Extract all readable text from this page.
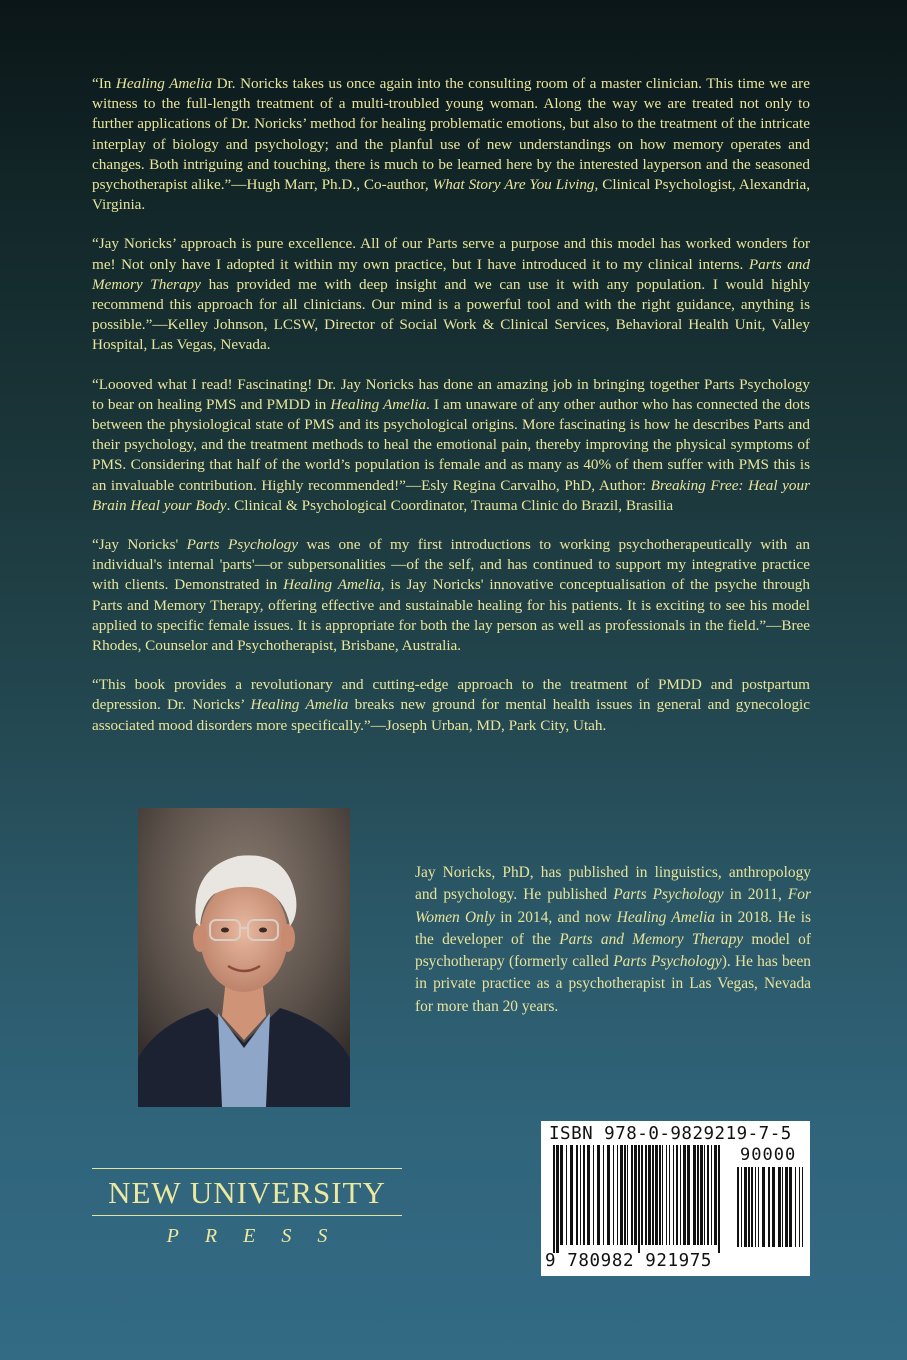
“In Healing Amelia Dr. Noricks takes us once again into the consulting room of a master clinician. This time we are witness to the full-length treatment of a multi-troubled young woman. Along the way we are treated not only to further applications of Dr. Noricks’ method for healing problematic emotions, but also to the treatment of the intricate interplay of biology and psychology; and the planful use of new understandings on how memory operates and changes. Both intriguing and touching, there is much to be learned here by the interested layperson and the seasoned psychotherapist alike.”—Hugh Marr, Ph.D., Co-author, What Story Are You Living, Clinical Psychologist, Alexandria, Virginia.

“Jay Noricks’ approach is pure excellence. All of our Parts serve a purpose and this model has worked wonders for me! Not only have I adopted it within my own practice, but I have introduced it to my clinical interns. Parts and Memory Therapy has provided me with deep insight and we can use it with any population. I would highly recommend this approach for all clinicians. Our mind is a powerful tool and with the right guidance, anything is possible.”—Kelley Johnson, LCSW, Director of Social Work & Clinical Services, Behavioral Health Unit, Valley Hospital, Las Vegas, Nevada.

“Loooved what I read! Fascinating! Dr. Jay Noricks has done an amazing job in bringing together Parts Psychology to bear on healing PMS and PMDD in Healing Amelia. I am unaware of any other author who has connected the dots between the physiological state of PMS and its psychological origins. More fascinating is how he describes Parts and their psychology, and the treatment methods to heal the emotional pain, thereby improving the physical symptoms of PMS. Considering that half of the world’s population is female and as many as 40% of them suffer with PMS this is an invaluable contribution. Highly recommended!”—Esly Regina Carvalho, PhD, Author: Breaking Free: Heal your Brain Heal your Body. Clinical & Psychological Coordinator, Trauma Clinic do Brazil, Brasilia

“Jay Noricks' Parts Psychology was one of my first introductions to working psychotherapeutically with an individual's internal 'parts'—or subpersonalities —of the self, and has continued to support my integrative practice with clients. Demonstrated in Healing Amelia, is Jay Noricks' innovative conceptualisation of the psyche through Parts and Memory Therapy, offering effective and sustainable healing for his patients. It is exciting to see his model applied to specific female issues. It is appropriate for both the lay person as well as professionals in the field.”—Bree Rhodes, Counselor and Psychotherapist, Brisbane, Australia.

“This book provides a revolutionary and cutting-edge approach to the treatment of PMDD and postpartum depression. Dr. Noricks’ Healing Amelia breaks new ground for mental health issues in general and gynecologic associated mood disorders more specifically.”—Joseph Urban, MD, Park City, Utah.

Jay Noricks, PhD, has published in linguistics, anthropology and psychology. He published Parts Psychology in 2011, For Women Only in 2014, and now Healing Amelia in 2018. He is the developer of the Parts and Memory Therapy model of psychotherapy (formerly called Parts Psychology). He has been in private practice as a psychotherapist in Las Vegas, Nevada for more than 20 years.
ISBN 978-0-9829219-7-5
90000
9 780982 921975
NEW UNIVERSITY
PRESS
